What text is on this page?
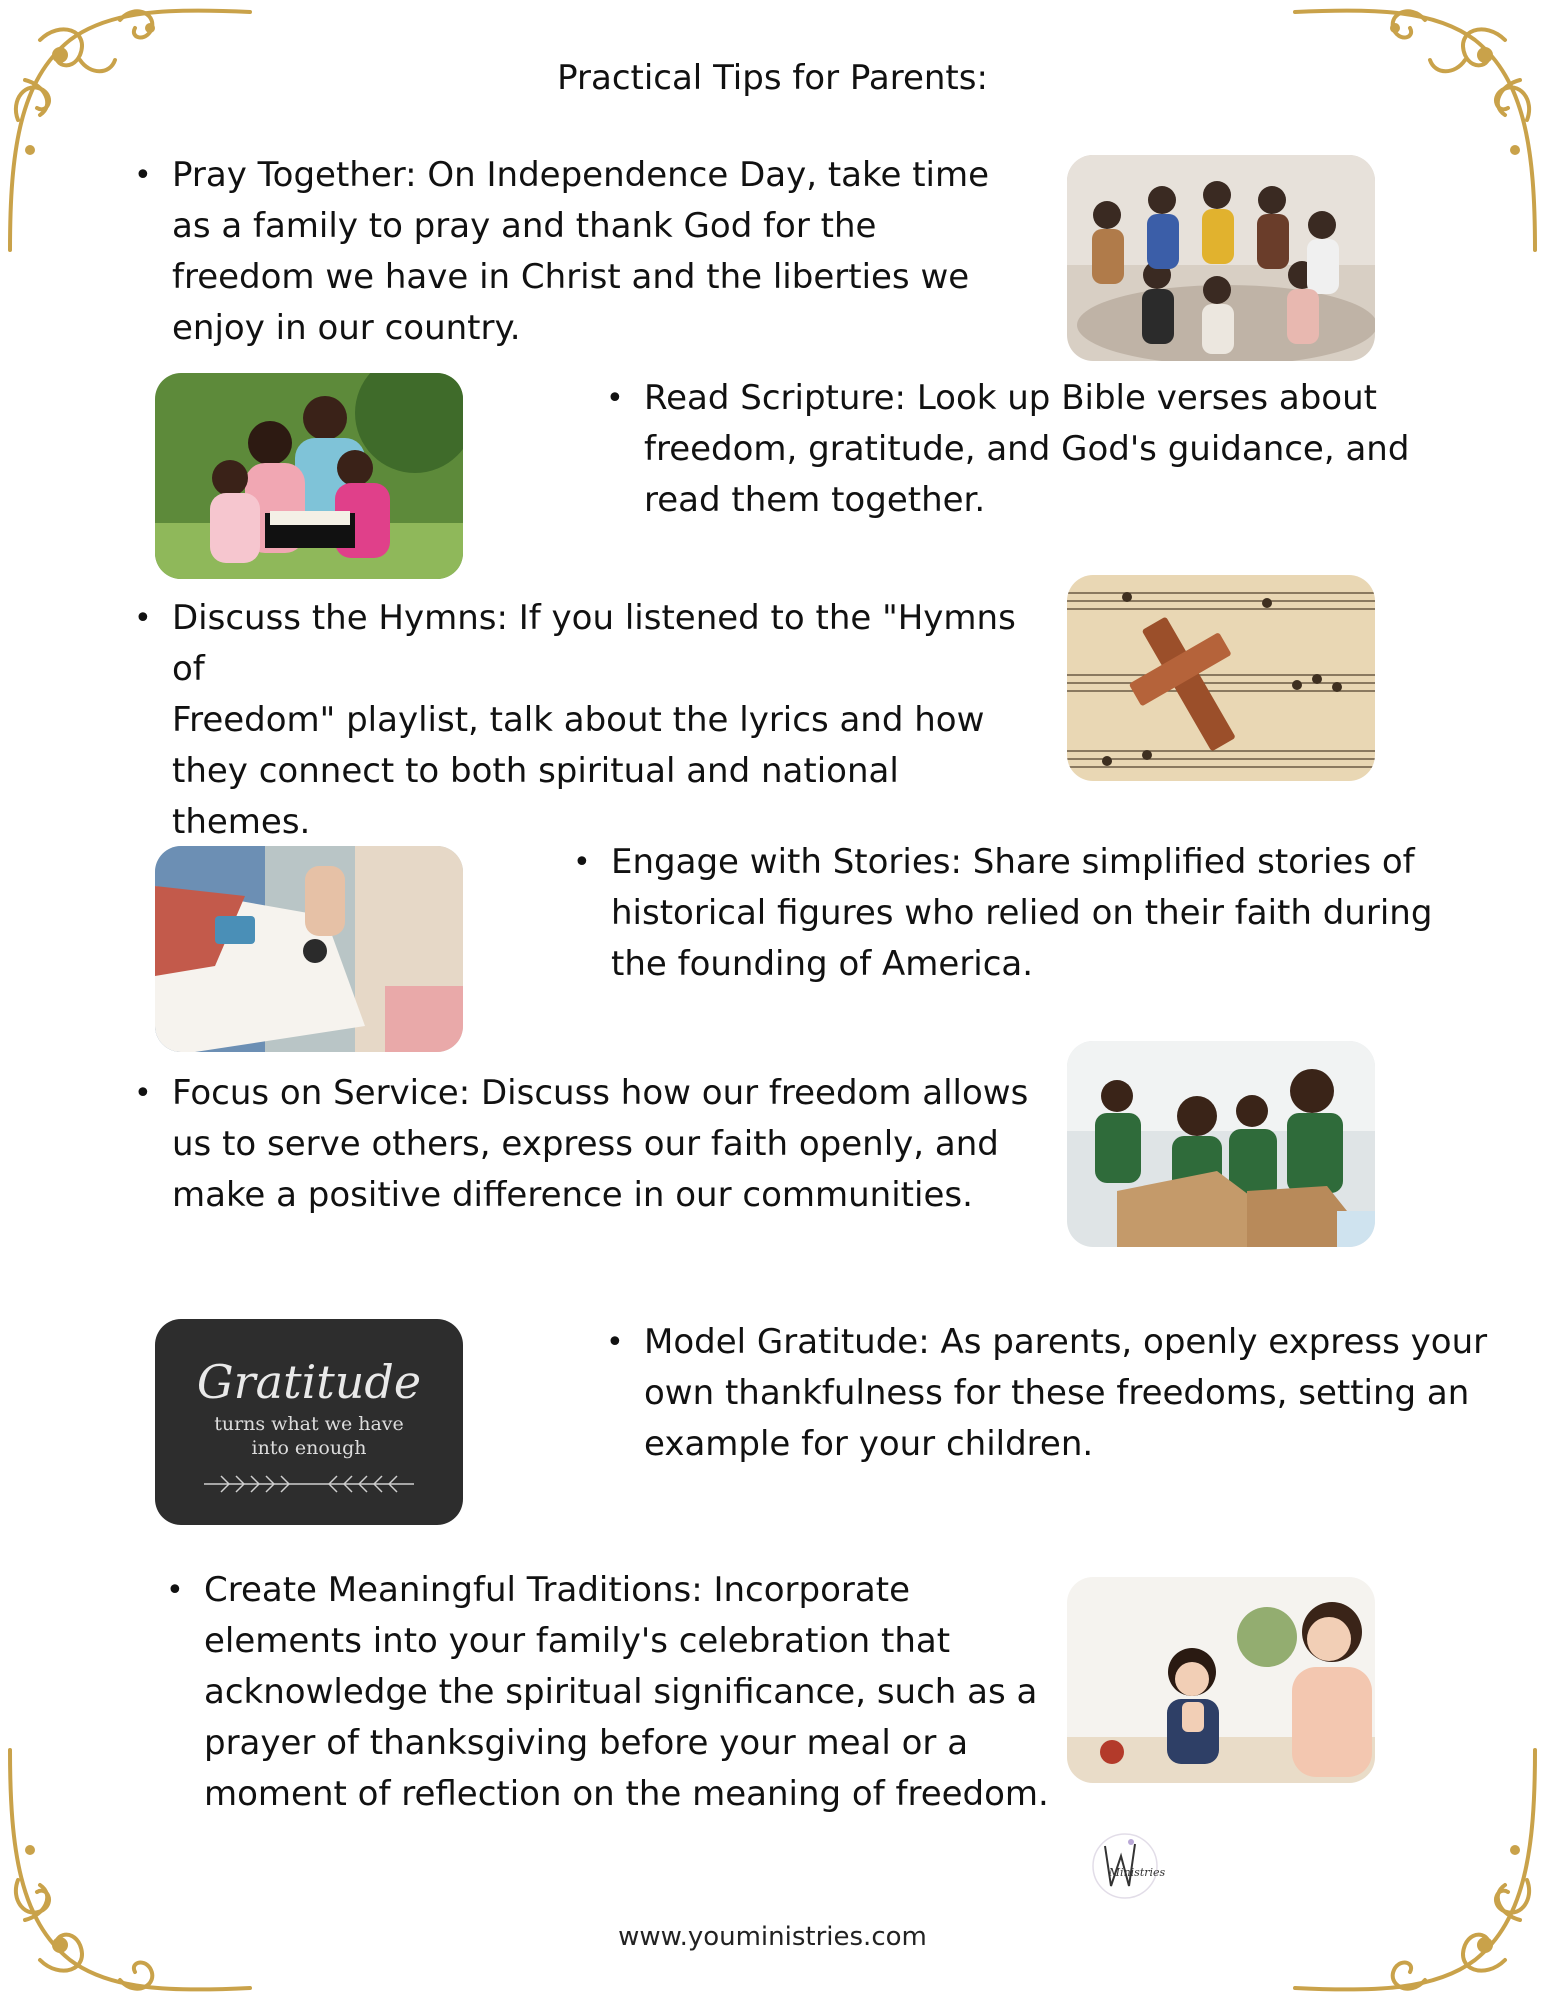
Practical Tips for Parents:
• Pray Together: On Independence Day, take time
as a family to pray and thank God for the
freedom we have in Christ and the liberties we
enjoy in our country.
• Read Scripture: Look up Bible verses about
freedom, gratitude, and God's guidance, and
read them together.
• Discuss the Hymns: If you listened to the "Hymns of
Freedom" playlist, talk about the lyrics and how
they connect to both spiritual and national
themes.
• Engage with Stories: Share simplified stories of
historical figures who relied on their faith during
the founding of America.
• Focus on Service: Discuss how our freedom allows
us to serve others, express our faith openly, and
make a positive difference in our communities.
Gratitude
turns what we have
into enough
• Model Gratitude: As parents, openly express your
own thankfulness for these freedoms, setting an
example for your children.
• Create Meaningful Traditions: Incorporate
elements into your family's celebration that
acknowledge the spiritual significance, such as a
prayer of thanksgiving before your meal or a
moment of reflection on the meaning of freedom.
Ministries
www.youministries.com
